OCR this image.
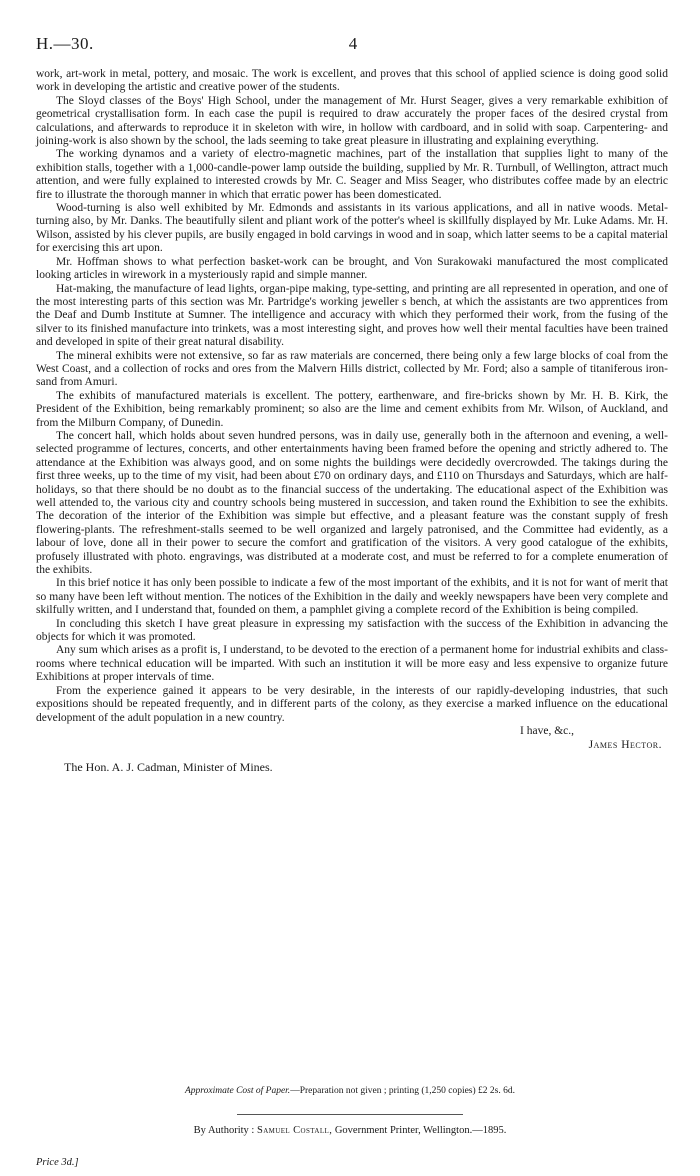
H.—30.	4

work, art-work in metal, pottery, and mosaic. The work is excellent, and proves that this school of applied science is doing good solid work in developing the artistic and creative power of the students.

The Sloyd classes of the Boys' High School, under the management of Mr. Hurst Seager, gives a very remarkable exhibition of geometrical crystallisation form. In each case the pupil is required to draw accurately the proper faces of the desired crystal from calculations, and afterwards to reproduce it in skeleton with wire, in hollow with cardboard, and in solid with soap. Carpentering- and joining-work is also shown by the school, the lads seeming to take great pleasure in illustrating and explaining everything.

The working dynamos and a variety of electro-magnetic machines, part of the installation that supplies light to many of the exhibition stalls, together with a 1,000-candle-power lamp outside the building, supplied by Mr. R. Turnbull, of Wellington, attract much attention, and were fully explained to interested crowds by Mr. C. Seager and Miss Seager, who distributes coffee made by an electric fire to illustrate the thorough manner in which that erratic power has been domesticated.

Wood-turning is also well exhibited by Mr. Edmonds and assistants in its various applications, and all in native woods. Metal-turning also, by Mr. Danks. The beautifully silent and pliant work of the potter's wheel is skillfully displayed by Mr. Luke Adams. Mr. H. Wilson, assisted by his clever pupils, are busily engaged in bold carvings in wood and in soap, which latter seems to be a capital material for exercising this art upon.

Mr. Hoffman shows to what perfection basket-work can be brought, and Von Surakowaki manufactured the most complicated looking articles in wirework in a mysteriously rapid and simple manner.

Hat-making, the manufacture of lead lights, organ-pipe making, type-setting, and printing are all represented in operation, and one of the most interesting parts of this section was Mr. Partridge's working jeweller s bench, at which the assistants are two apprentices from the Deaf and Dumb Institute at Sumner. The intelligence and accuracy with which they performed their work, from the fusing of the silver to its finished manufacture into trinkets, was a most interesting sight, and proves how well their mental faculties have been trained and developed in spite of their great natural disability.

The mineral exhibits were not extensive, so far as raw materials are concerned, there being only a few large blocks of coal from the West Coast, and a collection of rocks and ores from the Malvern Hills district, collected by Mr. Ford; also a sample of titaniferous iron-sand from Amuri.

The exhibits of manufactured materials is excellent. The pottery, earthenware, and fire-bricks shown by Mr. H. B. Kirk, the President of the Exhibition, being remarkably prominent; so also are the lime and cement exhibits from Mr. Wilson, of Auckland, and from the Milburn Company, of Dunedin.

The concert hall, which holds about seven hundred persons, was in daily use, generally both in the afternoon and evening, a well-selected programme of lectures, concerts, and other entertainments having been framed before the opening and strictly adhered to. The attendance at the Exhibition was always good, and on some nights the buildings were decidedly overcrowded. The takings during the first three weeks, up to the time of my visit, had been about £70 on ordinary days, and £110 on Thursdays and Saturdays, which are half-holidays, so that there should be no doubt as to the financial success of the undertaking. The educational aspect of the Exhibition was well attended to, the various city and country schools being mustered in succession, and taken round the Exhibition to see the exhibits. The decoration of the interior of the Exhibition was simple but effective, and a pleasant feature was the constant supply of fresh flowering-plants. The refreshment-stalls seemed to be well organized and largely patronised, and the Committee had evidently, as a labour of love, done all in their power to secure the comfort and gratification of the visitors. A very good catalogue of the exhibits, profusely illustrated with photo. engravings, was distributed at a moderate cost, and must be referred to for a complete enumeration of the exhibits.

In this brief notice it has only been possible to indicate a few of the most important of the exhibits, and it is not for want of merit that so many have been left without mention. The notices of the Exhibition in the daily and weekly newspapers have been very complete and skilfully written, and I understand that, founded on them, a pamphlet giving a complete record of the Exhibition is being compiled.

In concluding this sketch I have great pleasure in expressing my satisfaction with the success of the Exhibition in advancing the objects for which it was promoted.

Any sum which arises as a profit is, I understand, to be devoted to the erection of a permanent home for industrial exhibits and class-rooms where technical education will be imparted. With such an institution it will be more easy and less expensive to organize future Exhibitions at proper intervals of time.

From the experience gained it appears to be very desirable, in the interests of our rapidly-developing industries, that such expositions should be repeated frequently, and in different parts of the colony, as they exercise a marked influence on the educational development of the adult population in a new country.

I have, &c.,
James Hector.
The Hon. A. J. Cadman, Minister of Mines.
Approximate Cost of Paper.—Preparation not given ; printing (1,250 copies) £2 2s. 6d.
By Authority : Samuel Costall, Government Printer, Wellington.—1895.
Price 3d.]
